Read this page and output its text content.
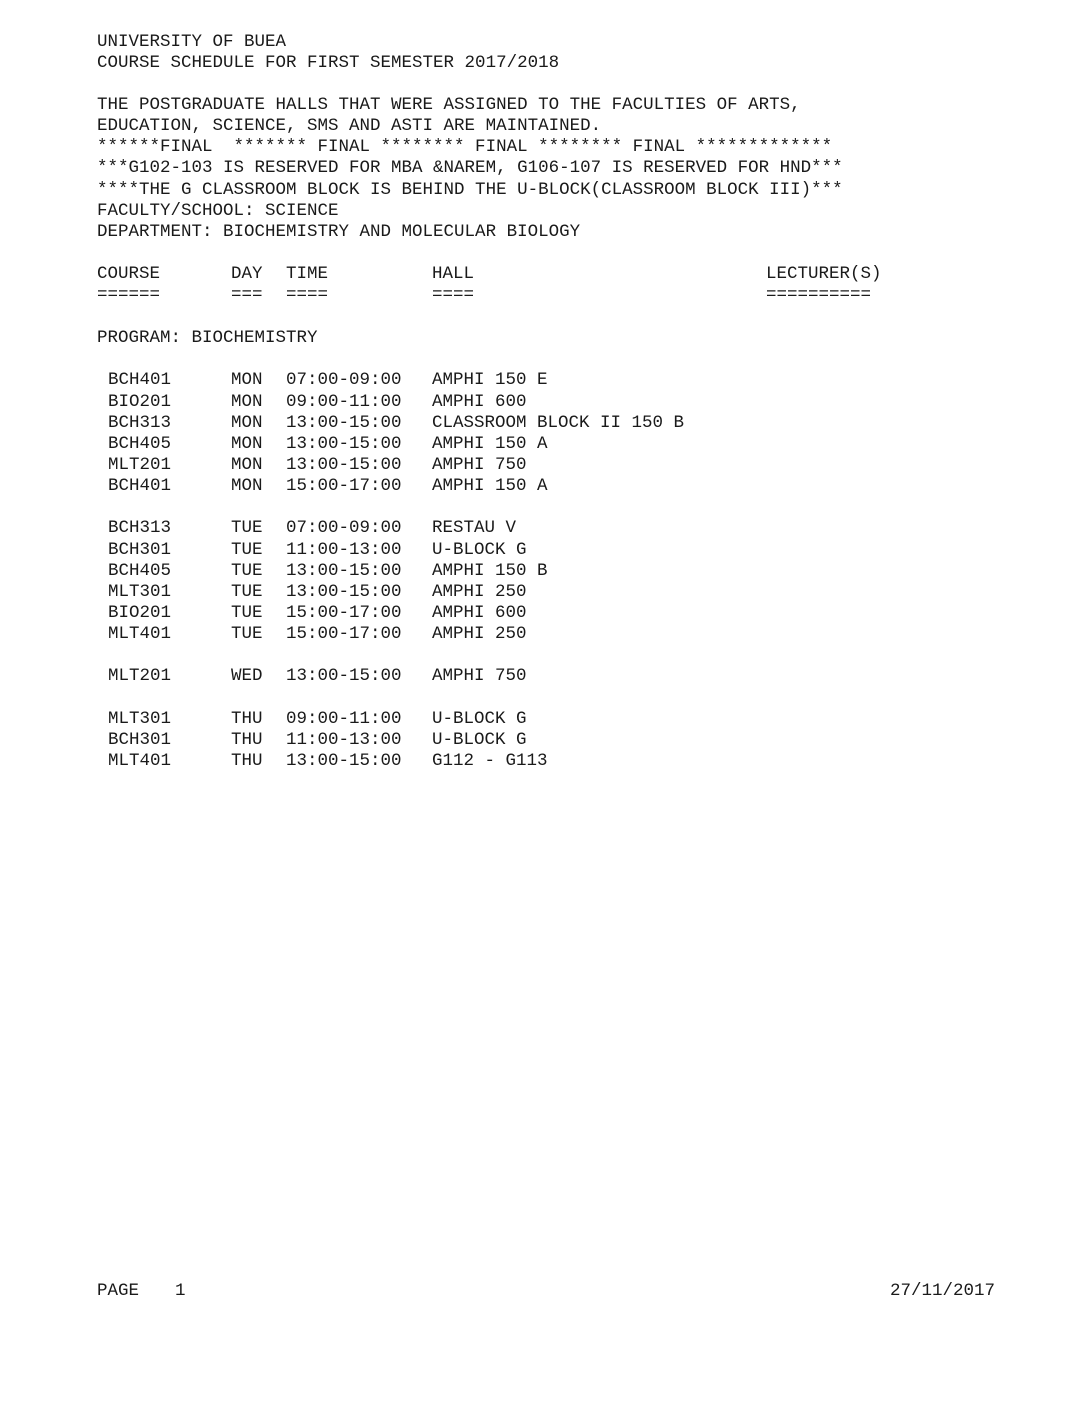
UNIVERSITY OF BUEA
COURSE SCHEDULE FOR FIRST SEMESTER 2017/2018
THE POSTGRADUATE HALLS THAT WERE ASSIGNED TO THE FACULTIES OF ARTS,
EDUCATION, SCIENCE, SMS AND ASTI ARE MAINTAINED.
******FINAL  ******* FINAL ******** FINAL ******** FINAL *************
***G102-103 IS RESERVED FOR MBA &NAREM, G106-107 IS RESERVED FOR HND***
****THE G CLASSROOM BLOCK IS BEHIND THE U-BLOCK(CLASSROOM BLOCK III)***
FACULTY/SCHOOL: SCIENCE
DEPARTMENT: BIOCHEMISTRY AND MOLECULAR BIOLOGY
COURSE	DAY TIME	HALL	LECTURER(S)
======	=== ====	====	==========
PROGRAM: BIOCHEMISTRY
BCH401	MON 07:00-09:00 AMPHI 150 E
BIO201	MON 09:00-11:00 AMPHI 600
BCH313	MON 13:00-15:00 CLASSROOM BLOCK II 150 B
BCH405	MON 13:00-15:00 AMPHI 150 A
MLT201	MON 13:00-15:00 AMPHI 750
BCH401	MON 15:00-17:00 AMPHI 150 A
BCH313	TUE 07:00-09:00 RESTAU V
BCH301	TUE 11:00-13:00 U-BLOCK G
BCH405	TUE 13:00-15:00 AMPHI 150 B
MLT301	TUE 13:00-15:00 AMPHI 250
BIO201	TUE 15:00-17:00 AMPHI 600
MLT401	TUE 15:00-17:00 AMPHI 250
MLT201	WED 13:00-15:00 AMPHI 750
MLT301	THU 09:00-11:00 U-BLOCK G
BCH301	THU 11:00-13:00 U-BLOCK G
MLT401	THU 13:00-15:00 G112 - G113
PAGE 1	27/11/2017
